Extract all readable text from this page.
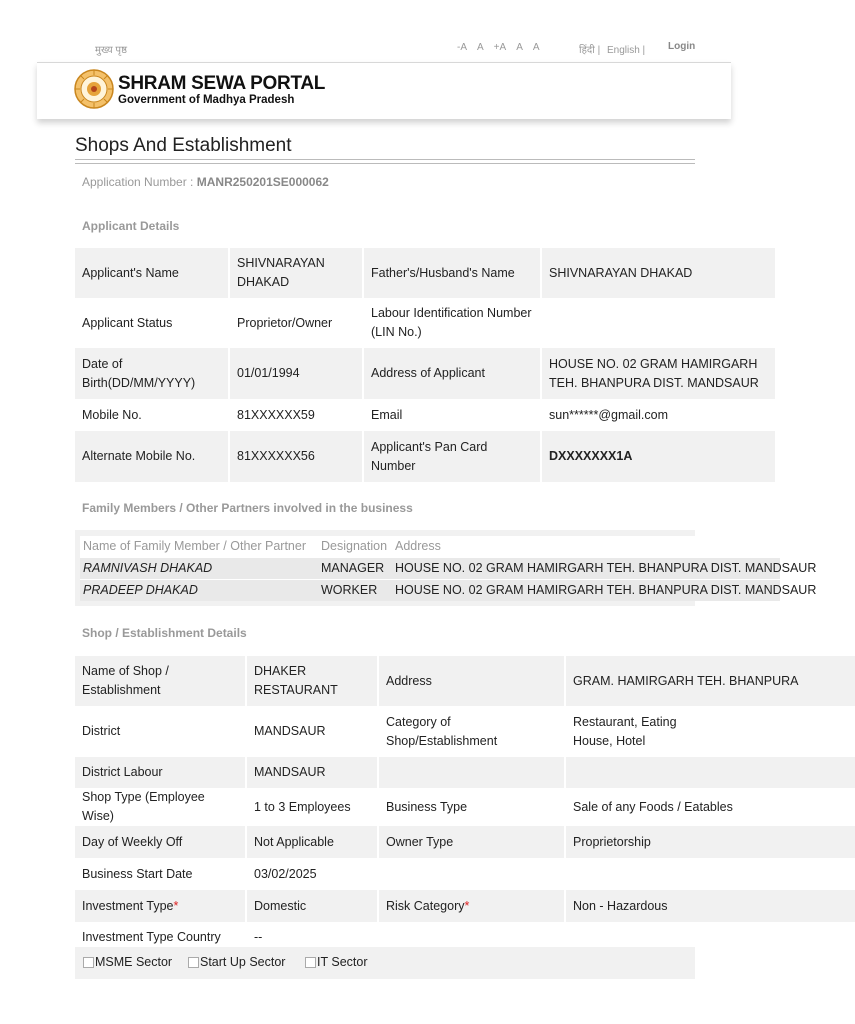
मुख्य पृष्ठ	-A A +A A A	हिंदी | English |	Login
SHRAM SEWA PORTAL
Government of Madhya Pradesh
Shops And Establishment
Application Number : MANR250201SE000062
Applicant Details
Applicant's Name	SHIVNARAYAN DHAKAD	Father's/Husband's Name	SHIVNARAYAN DHAKAD
Applicant Status	Proprietor/Owner	Labour Identification Number (LIN No.)	
Date of Birth(DD/MM/YYYY)	01/01/1994	Address of Applicant	HOUSE NO. 02 GRAM HAMIRGARH TEH. BHANPURA DIST. MANDSAUR
Mobile No.	81XXXXXX59	Email	sun******@gmail.com
Alternate Mobile No.	81XXXXXX56	Applicant's Pan Card Number	DXXXXXXX1A
Family Members / Other Partners involved in the business
Name of Family Member / Other Partner	Designation	Address
RAMNIVASH DHAKAD	MANAGER	HOUSE NO. 02 GRAM HAMIRGARH TEH. BHANPURA DIST. MANDSAUR
PRADEEP DHAKAD	WORKER	HOUSE NO. 02 GRAM HAMIRGARH TEH. BHANPURA DIST. MANDSAUR
Shop / Establishment Details
Name of Shop / Establishment	DHAKER RESTAURANT	Address	GRAM. HAMIRGARH TEH. BHANPURA
District	MANDSAUR	Category of Shop/Establishment	Restaurant, Eating House, Hotel
District Labour	MANDSAUR		
Shop Type (Employee Wise)	1 to 3 Employees	Business Type	Sale of any Foods / Eatables
Day of Weekly Off	Not Applicable	Owner Type	Proprietorship
Business Start Date	03/02/2025		
Investment Type*	Domestic	Risk Category*	Non - Hazardous
Investment Type Country	--		
MSME Sector Start Up Sector	IT Sector
